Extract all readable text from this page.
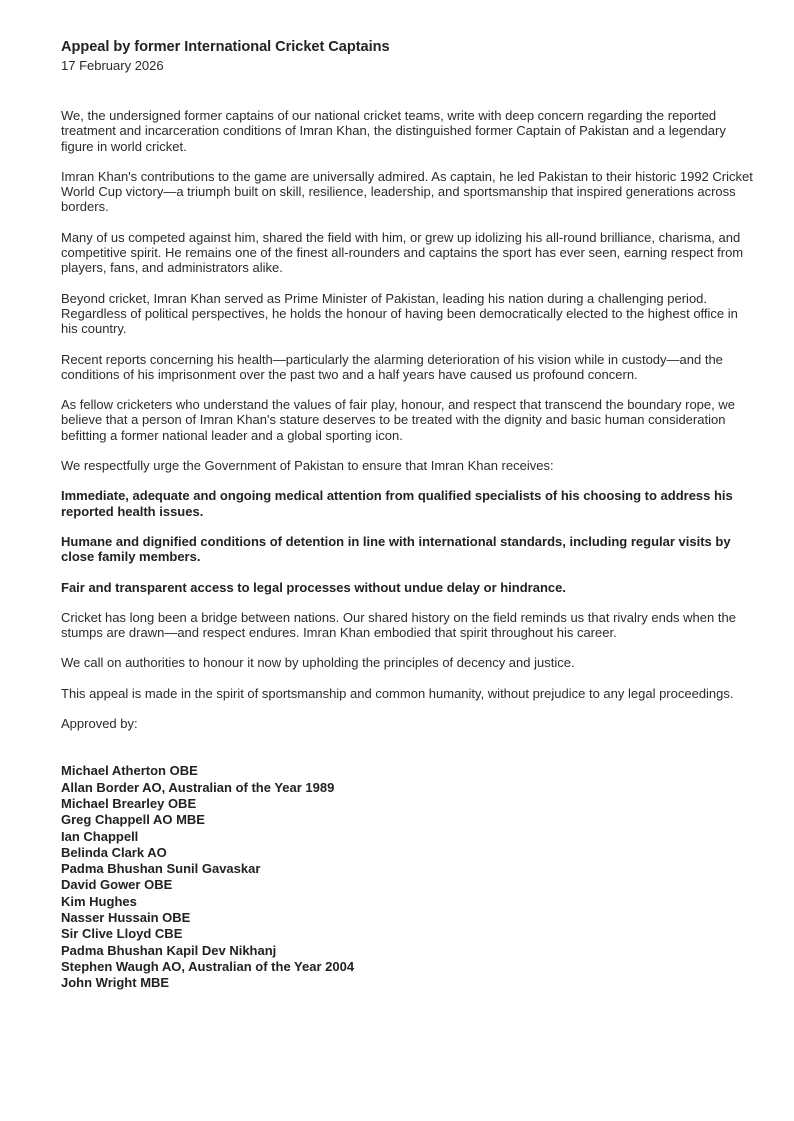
Appeal by former International Cricket Captains
17 February 2026

We, the undersigned former captains of our national cricket teams, write with deep concern regarding the reported treatment and incarceration conditions of Imran Khan, the distinguished former Captain of Pakistan and a legendary figure in world cricket.

Imran Khan's contributions to the game are universally admired. As captain, he led Pakistan to their historic 1992 Cricket World Cup victory—a triumph built on skill, resilience, leadership, and sportsmanship that inspired generations across borders.

Many of us competed against him, shared the field with him, or grew up idolizing his all-round brilliance, charisma, and competitive spirit. He remains one of the finest all-rounders and captains the sport has ever seen, earning respect from players, fans, and administrators alike.

Beyond cricket, Imran Khan served as Prime Minister of Pakistan, leading his nation during a challenging period. Regardless of political perspectives, he holds the honour of having been democratically elected to the highest office in his country.

Recent reports concerning his health—particularly the alarming deterioration of his vision while in custody—and the conditions of his imprisonment over the past two and a half years have caused us profound concern.

As fellow cricketers who understand the values of fair play, honour, and respect that transcend the boundary rope, we believe that a person of Imran Khan's stature deserves to be treated with the dignity and basic human consideration befitting a former national leader and a global sporting icon.

We respectfully urge the Government of Pakistan to ensure that Imran Khan receives:

Immediate, adequate and ongoing medical attention from qualified specialists of his choosing to address his reported health issues.

Humane and dignified conditions of detention in line with international standards, including regular visits by close family members.

Fair and transparent access to legal processes without undue delay or hindrance.

Cricket has long been a bridge between nations. Our shared history on the field reminds us that rivalry ends when the stumps are drawn—and respect endures. Imran Khan embodied that spirit throughout his career.

We call on authorities to honour it now by upholding the principles of decency and justice.

This appeal is made in the spirit of sportsmanship and common humanity, without prejudice to any legal proceedings.

Approved by:
Michael Atherton OBE
Allan Border AO, Australian of the Year 1989
Michael Brearley OBE
Greg Chappell AO MBE
Ian Chappell
Belinda Clark AO
Padma Bhushan Sunil Gavaskar
David Gower OBE
Kim Hughes
Nasser Hussain OBE
Sir Clive Lloyd CBE
Padma Bhushan Kapil Dev Nikhanj
Stephen Waugh AO, Australian of the Year 2004
John Wright MBE
